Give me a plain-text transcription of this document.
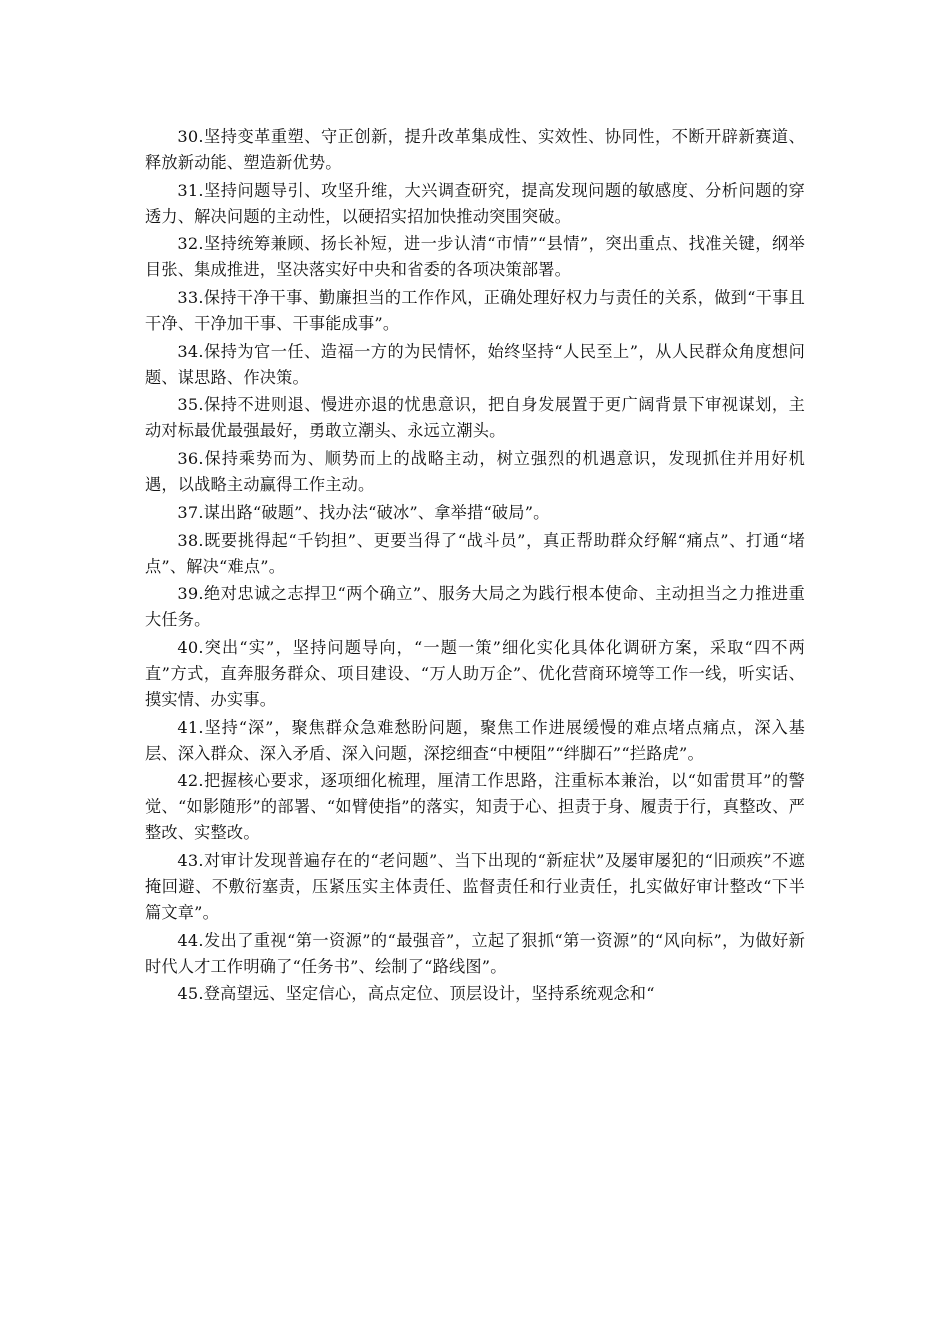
30.坚持变革重塑、守正创新，提升改革集成性、实效性、协同性，不断开辟新赛道、释放新动能、塑造新优势。

31.坚持问题导引、攻坚升维，大兴调查研究，提高发现问题的敏感度、分析问题的穿透力、解决问题的主动性，以硬招实招加快推动突围突破。

32.坚持统筹兼顾、扬长补短，进一步认清“市情”“县情”，突出重点、找准关键，纲举目张、集成推进，坚决落实好中央和省委的各项决策部署。

33.保持干净干事、勤廉担当的工作作风，正确处理好权力与责任的关系，做到“干事且干净、干净加干事、干事能成事”。

34.保持为官一任、造福一方的为民情怀，始终坚持“人民至上”，从人民群众角度想问题、谋思路、作决策。

35.保持不进则退、慢进亦退的忧患意识，把自身发展置于更广阔背景下审视谋划，主动对标最优最强最好，勇敢立潮头、永远立潮头。

36.保持乘势而为、顺势而上的战略主动，树立强烈的机遇意识，发现抓住并用好机遇，以战略主动赢得工作主动。

37.谋出路“破题”、找办法“破冰”、拿举措“破局”。

38.既要挑得起“千钧担”、更要当得了“战斗员”，真正帮助群众纾解“痛点”、打通“堵点”、解决“难点”。

39.绝对忠诚之志捍卫“两个确立”、服务大局之为践行根本使命、主动担当之力推进重大任务。

40.突出“实”，坚持问题导向，“一题一策”细化实化具体化调研方案，采取“四不两直”方式，直奔服务群众、项目建设、“万人助万企”、优化营商环境等工作一线，听实话、摸实情、办实事。

41.坚持“深”，聚焦群众急难愁盼问题，聚焦工作进展缓慢的难点堵点痛点，深入基层、深入群众、深入矛盾、深入问题，深挖细查“中梗阻”“绊脚石”“拦路虎”。

42.把握核心要求，逐项细化梳理，厘清工作思路，注重标本兼治，以“如雷贯耳”的警觉、“如影随形”的部署、“如臂使指”的落实，知责于心、担责于身、履责于行，真整改、严整改、实整改。

43.对审计发现普遍存在的“老问题”、当下出现的“新症状”及屡审屡犯的“旧顽疾”不遮掩回避、不敷衍塞责，压紧压实主体责任、监督责任和行业责任，扎实做好审计整改“下半篇文章”。

44.发出了重视“第一资源”的“最强音”，立起了狠抓“第一资源”的“风向标”，为做好新时代人才工作明确了“任务书”、绘制了“路线图”。

45.登高望远、坚定信心，高点定位、顶层设计，坚持系统观念和“
